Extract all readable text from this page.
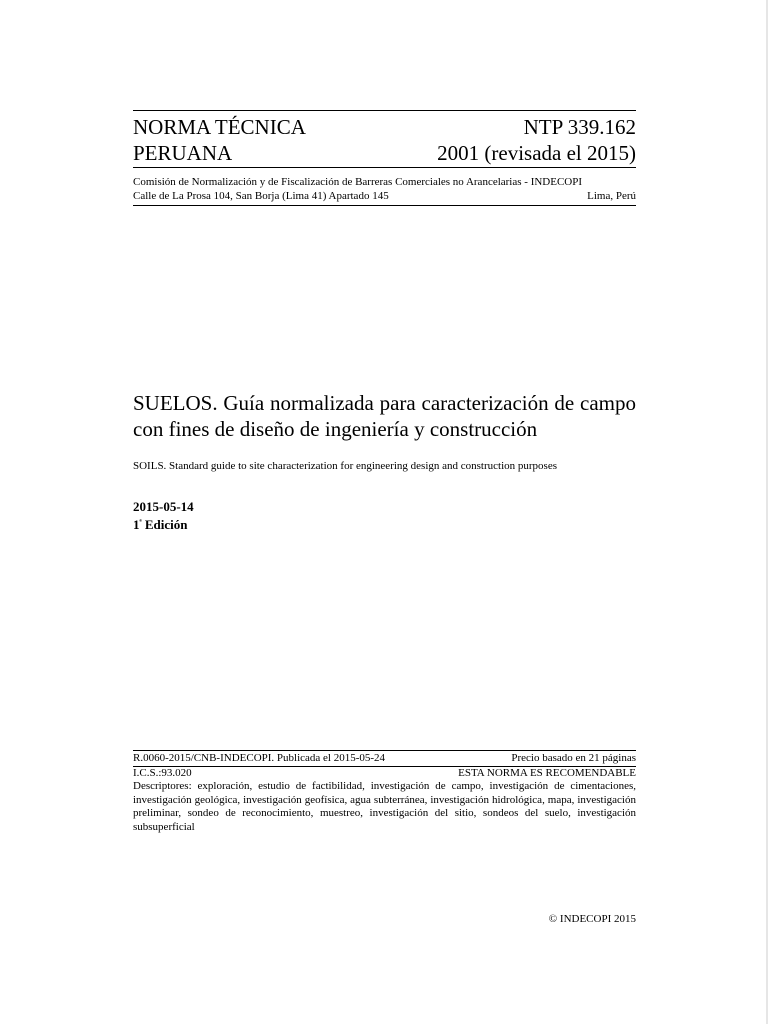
NORMA TÉCNICA	NTP 339.162
PERUANA	2001 (revisada el 2015)
Comisión de Normalización y de Fiscalización de Barreras Comerciales no Arancelarias - INDECOPI
Calle de La Prosa 104, San Borja (Lima 41) Apartado 145	Lima, Perú
SUELOS. Guía normalizada para caracterización de campo con fines de diseño de ingeniería y construcción
SOILS. Standard guide to site characterization for engineering design and construction purposes
2015-05-14
$1^ª$ Edición
R.0060-2015/CNB-INDECOPI. Publicada el 2015-05-24	Precio basado en 21 páginas
I.C.S.:93.020	ESTA NORMA ES RECOMENDABLE
Descriptores: exploración, estudio de factibilidad, investigación de campo, investigación de cimentaciones, investigación geológica, investigación geofísica, agua subterránea, investigación hidrológica, mapa, investigación preliminar, sondeo de reconocimiento, muestreo, investigación del sitio, sondeos del suelo, investigación subsuperficial
© INDECOPI 2015
